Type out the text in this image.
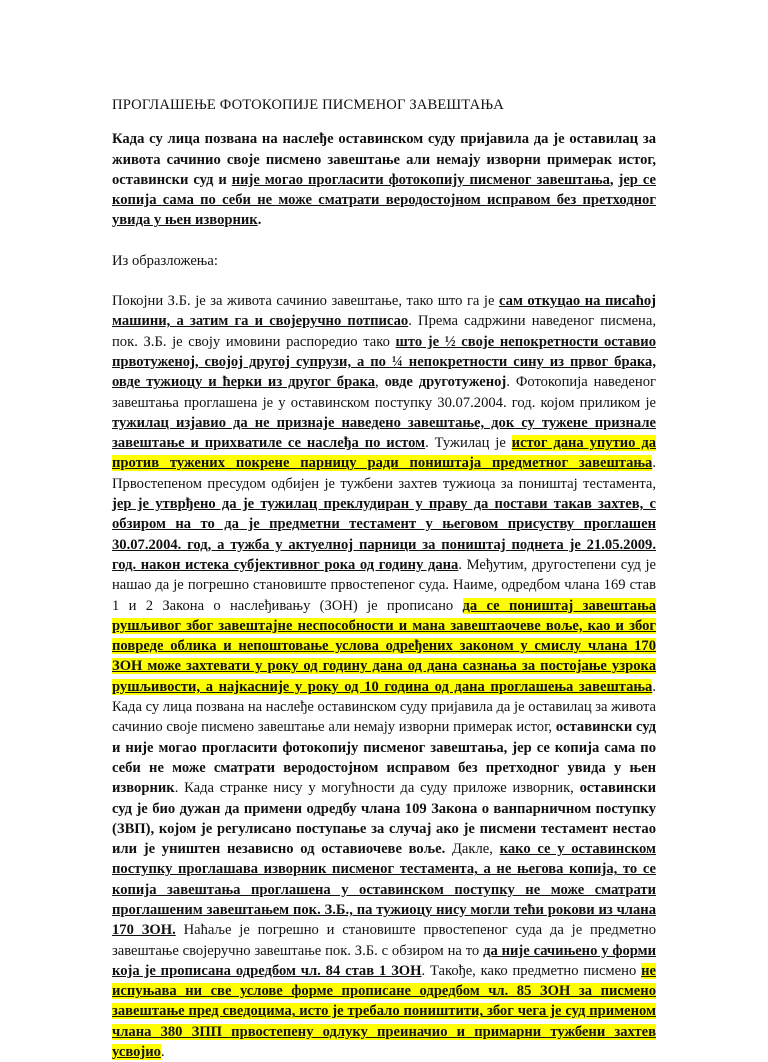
ПРОГЛАШЕЊЕ ФОТОКОПИЈЕ ПИСМЕНОГ ЗАВЕШТАЊА
Када су лица позвана на наслеђе оставинском суду пријавила да је оставилац за живота сачинио своје писмено завештање али немају изворни примерак истог, оставински суд и није могао прогласити фотокопију писменог завештања, јер се копија сама по себи не може сматрати веродостојном исправом без претходног увида у њен изворник.
Из образложења:
Покојни З.Б. је за живота сачинио завештање, тако што га је сам откуцао на писаћој машини, а затим га и својеручно потписао. Према садржини наведеног писмена, пок. З.Б. је своју имовини распоредио тако што је ½ своје непокретности оставио првотуженој, својој другој супрузи, а по ¼ непокретности сину из првог брака, овде тужиоцу и ћерки из другог брака, овде друготуженој. Фотокопија наведеног завештања проглашена је у оставинском поступку 30.07.2004. год. којом приликом је тужилац изјавио да не признаје наведено завештање, док су тужене признале завештање и прихватиле се наслеђа по истом. Тужилац је истог дана упутио да против тужених покрене парницу ради поништаја предметног завештања. Првостепеном пресудом одбијен је тужбени захтев тужиоца за поништај тестамента, јер је утврђено да је тужилац преклудиран у праву да постави такав захтев, с обзиром на то да је предметни тестамент у његовом присуству проглашен 30.07.2004. год, а тужба у актуелној парници за поништај поднета је 21.05.2009. год. након истека субјективног рока од годину дана. Међутим, другостепени суд је нашао да је погрешно становиште првостепеног суда. Наиме, одредбом члана 169 став 1 и 2 Закона о наслеђивању (ЗОН) је прописано да се поништај завештања рушљивог због завештајне неспособности и мана завештаочеве воље, као и због повреде облика и непоштовање услова одређених законом у смислу члана 170 ЗОН може захтевати у року од годину дана од дана сазнања за постојање узрока рушљивости, а најкасније у року од 10 година од дана проглашења завештања. Када су лица позвана на наслеђе оставинском суду пријавила да је оставилац за живота сачинио своје писмено завештање али немају изворни примерак истог, оставински суд и није могао прогласити фотокопију писменог завештања, јер се копија сама по себи не може сматрати веродостојном исправом без претходног увида у њен изворник. Када странке нису у могућности да суду приложе изворник, оставински суд је био дужан да примени одредбу члана 109 Закона о ванпарничном поступку (ЗВП), којом је регулисано поступање за случај ако је писмени тестамент нестао или је уништен независно од оставиочеве воље. Дакле, како се у оставинском поступку проглашава изворник писменог тестамента, а не његова копија, то се копија завештања проглашена у оставинском поступку не може сматрати проглашеним завештањем пок. З.Б., па тужиоцу нису могли тећи рокови из члана 170 ЗОН. Наћаље је погрешно и становиште првостепеног суда да је предметно завештање својеручно завештање пок. З.Б. с обзиром на то да није сачињено у форми која је прописана одредбом чл. 84 став 1 ЗОН. Такође, како предметно писмено не испуњава ни све услове форме прописане одредбом чл. 85 ЗОН за писмено завештање пред сведоцима, исто је требало поништити, због чега је суд применом члана 380 ЗПП првостепену одлуку преиначио и примарни тужбени захтев усвојио.
